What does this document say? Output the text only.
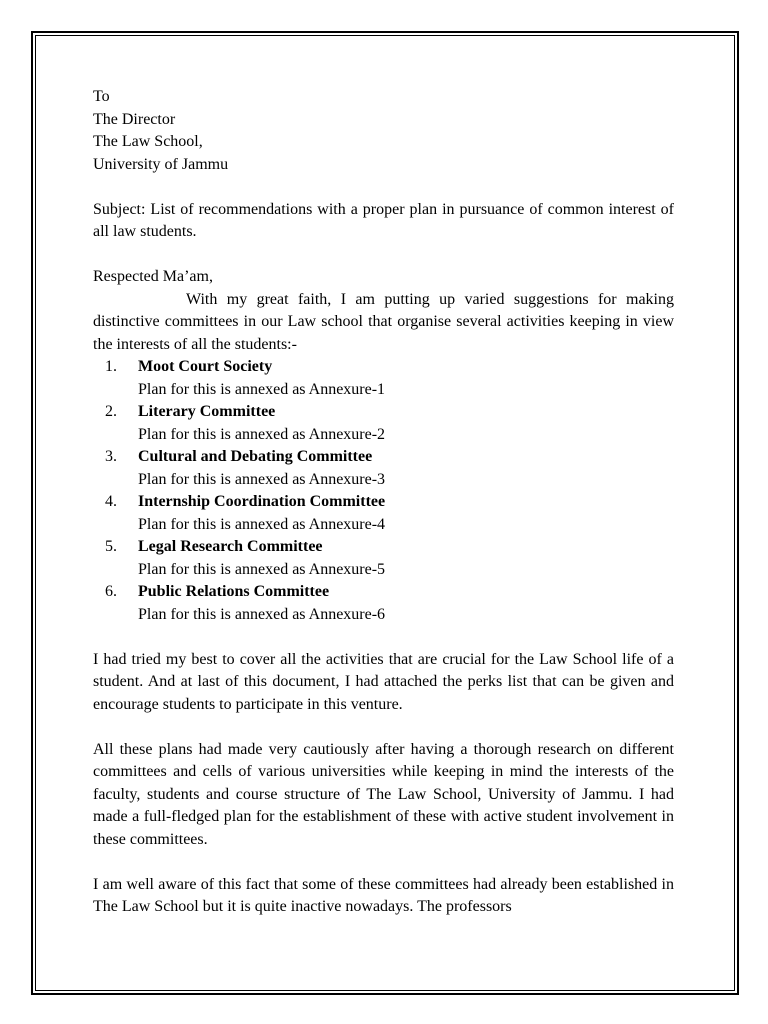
To
The Director
The Law School,
University of Jammu

Subject: List of recommendations with a proper plan in pursuance of common interest of all law students.

Respected Ma’am,

With my great faith, I am putting up varied suggestions for making distinctive committees in our Law school that organise several activities keeping in view the interests of all the students:-

1. Moot Court Society
Plan for this is annexed as Annexure-1
2. Literary Committee
Plan for this is annexed as Annexure-2
3. Cultural and Debating Committee
Plan for this is annexed as Annexure-3
4. Internship Coordination Committee
Plan for this is annexed as Annexure-4
5. Legal Research Committee
Plan for this is annexed as Annexure-5
6. Public Relations Committee
Plan for this is annexed as Annexure-6

I had tried my best to cover all the activities that are crucial for the Law School life of a student. And at last of this document, I had attached the perks list that can be given and encourage students to participate in this venture.

All these plans had made very cautiously after having a thorough research on different committees and cells of various universities while keeping in mind the interests of the faculty, students and course structure of The Law School, University of Jammu. I had made a full-fledged plan for the establishment of these with active student involvement in these committees.

I am well aware of this fact that some of these committees had already been established in The Law School but it is quite inactive nowadays. The professors
